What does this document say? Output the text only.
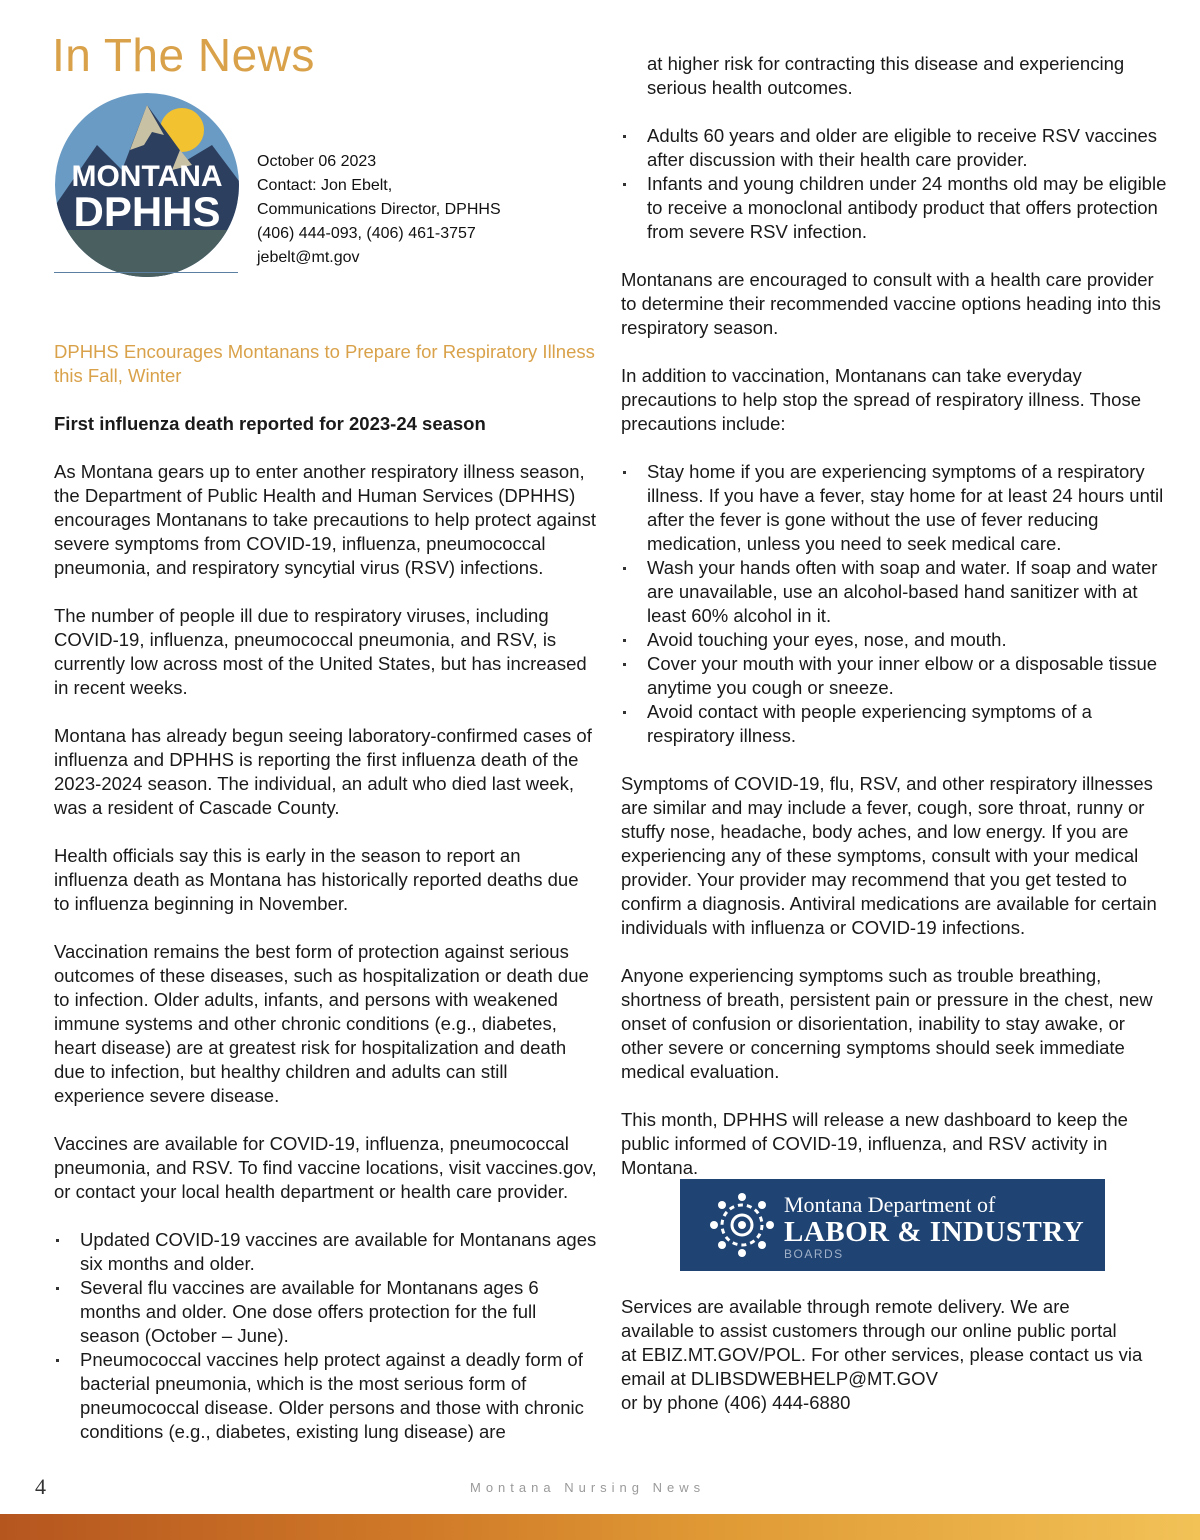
In The News
MONTANA
DPHHS
October 06 2023
Contact: Jon Ebelt,
Communications Director, DPHHS
(406) 444-093, (406) 461-3757
jebelt@mt.gov

DPHHS Encourages Montanans to Prepare for Respiratory Illness this Fall, Winter

First influenza death reported for 2023-24 season

As Montana gears up to enter another respiratory illness season, the Department of Public Health and Human Services (DPHHS) encourages Montanans to take precautions to help protect against severe symptoms from COVID-19, influenza, pneumococcal pneumonia, and respiratory syncytial virus (RSV) infections.

The number of people ill due to respiratory viruses, including COVID-19, influenza, pneumococcal pneumonia, and RSV, is currently low across most of the United States, but has increased in recent weeks.

Montana has already begun seeing laboratory-confirmed cases of influenza and DPHHS is reporting the first influenza death of the 2023-2024 season. The individual, an adult who died last week, was a resident of Cascade County.

Health officials say this is early in the season to report an influenza death as Montana has historically reported deaths due to influenza beginning in November.

Vaccination remains the best form of protection against serious outcomes of these diseases, such as hospitalization or death due to infection. Older adults, infants, and persons with weakened immune systems and other chronic conditions (e.g., diabetes, heart disease) are at greatest risk for hospitalization and death due to infection, but healthy children and adults can still experience severe disease.

Vaccines are available for COVID-19, influenza, pneumococcal pneumonia, and RSV. To find vaccine locations, visit vaccines.gov, or contact your local health department or health care provider.

Updated COVID-19 vaccines are available for Montanans ages six months and older.
Several flu vaccines are available for Montanans ages 6 months and older. One dose offers protection for the full season (October – June).
Pneumococcal vaccines help protect against a deadly form of bacterial pneumonia, which is the most serious form of pneumococcal disease. Older persons and those with chronic conditions (e.g., diabetes, existing lung disease) are

at higher risk for contracting this disease and experiencing serious health outcomes.

Adults 60 years and older are eligible to receive RSV vaccines after discussion with their health care provider.
Infants and young children under 24 months old may be eligible to receive a monoclonal antibody product that offers protection from severe RSV infection.

Montanans are encouraged to consult with a health care provider to determine their recommended vaccine options heading into this respiratory season.

In addition to vaccination, Montanans can take everyday precautions to help stop the spread of respiratory illness. Those precautions include:

Stay home if you are experiencing symptoms of a respiratory illness. If you have a fever, stay home for at least 24 hours until after the fever is gone without the use of fever reducing medication, unless you need to seek medical care.
Wash your hands often with soap and water. If soap and water are unavailable, use an alcohol-based hand sanitizer with at least 60% alcohol in it.
Avoid touching your eyes, nose, and mouth.
Cover your mouth with your inner elbow or a disposable tissue anytime you cough or sneeze.
Avoid contact with people experiencing symptoms of a respiratory illness.

Symptoms of COVID-19, flu, RSV, and other respiratory illnesses are similar and may include a fever, cough, sore throat, runny or stuffy nose, headache, body aches, and low energy. If you are experiencing any of these symptoms, consult with your medical provider. Your provider may recommend that you get tested to confirm a diagnosis. Antiviral medications are available for certain individuals with influenza or COVID-19 infections.

Anyone experiencing symptoms such as trouble breathing, shortness of breath, persistent pain or pressure in the chest, new onset of confusion or disorientation, inability to stay awake, or other severe or concerning symptoms should seek immediate medical evaluation.

This month, DPHHS will release a new dashboard to keep the public informed of COVID-19, influenza, and RSV activity in Montana.

Montana Department of
LABOR & INDUSTRY
BOARDS
Services are available through remote delivery. We are
available to assist customers through our online public portal
at EBIZ.MT.GOV/POL. For other services, please contact us via
email at DLIBSDWEBHELP@MT.GOV
or by phone (406) 444-6880
4	Montana Nursing News
